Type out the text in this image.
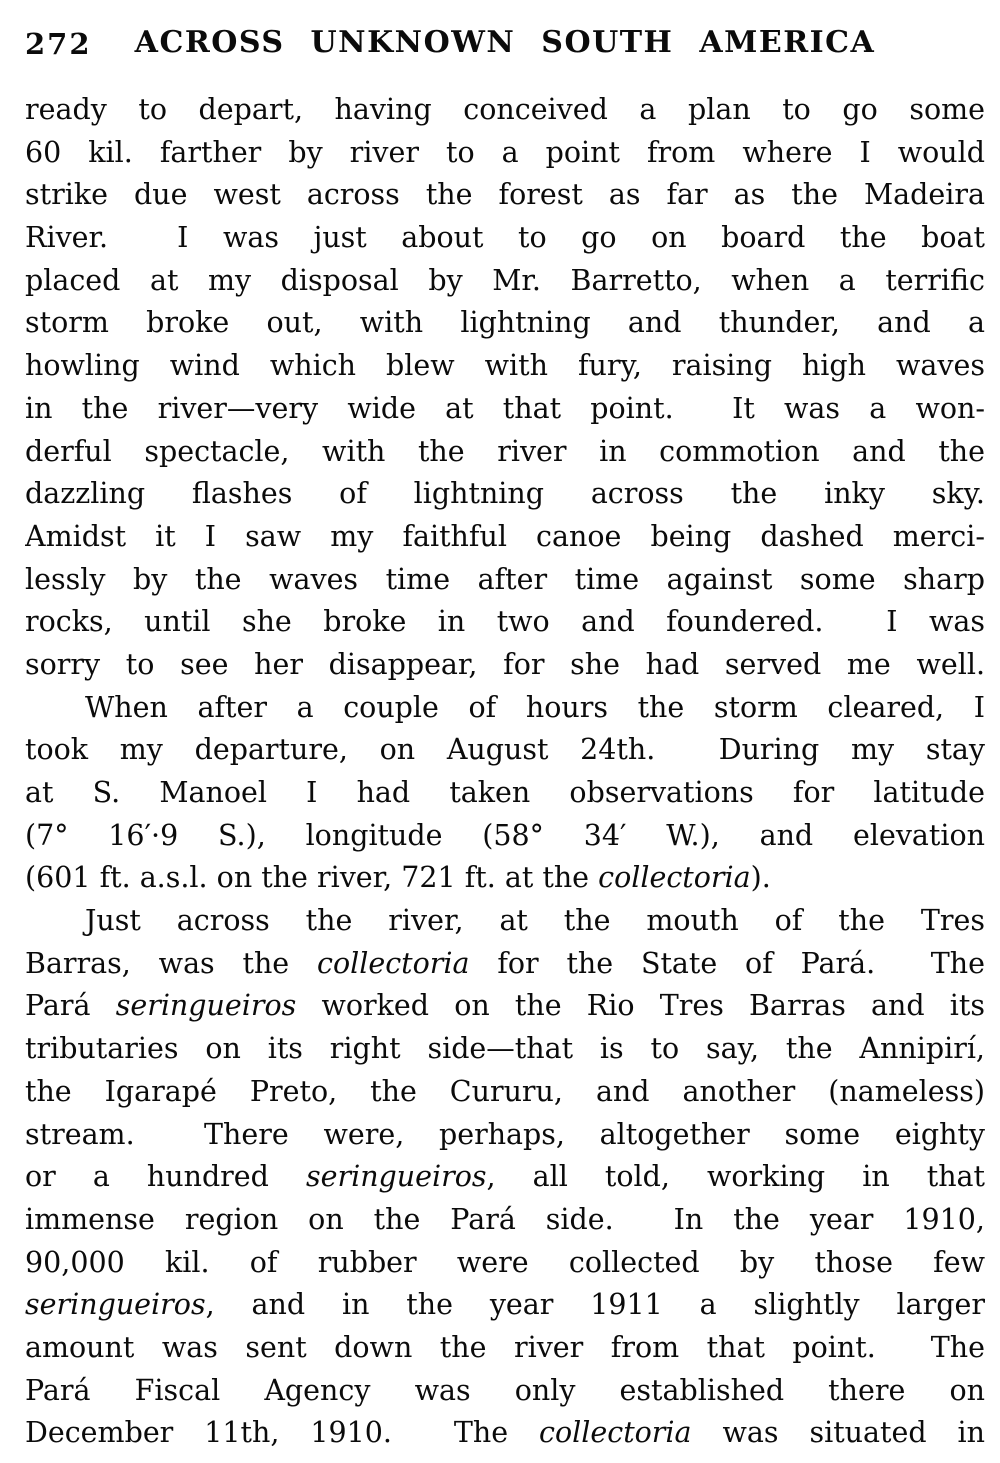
272 ACROSS UNKNOWN SOUTH AMERICA
ready to depart, having conceived a plan to go some
60 kil. farther by river to a point from where I would
strike due west across the forest as far as the Madeira
River.  I was just about to go on board the boat
placed at my disposal by Mr. Barretto, when a terrific
storm broke out, with lightning and thunder, and a
howling wind which blew with fury, raising high waves
in the river—very wide at that point.  It was a won-
derful spectacle, with the river in commotion and the
dazzling flashes of lightning across the inky sky.
Amidst it I saw my faithful canoe being dashed merci-
lessly by the waves time after time against some sharp
rocks, until she broke in two and foundered.  I was
sorry to see her disappear, for she had served me well.
When after a couple of hours the storm cleared, I
took my departure, on August 24th.  During my stay
at S. Manoel I had taken observations for latitude
(7° 16′·9 S.), longitude (58° 34′ W.), and elevation
(601 ft. a.s.l. on the river, 721 ft. at the collectoria).
Just across the river, at the mouth of the Tres
Barras, was the collectoria for the State of Pará.  The
Pará seringueiros worked on the Rio Tres Barras and its
tributaries on its right side—that is to say, the Annipirí,
the Igarapé Preto, the Cururu, and another (nameless)
stream.  There were, perhaps, altogether some eighty
or a hundred seringueiros, all told, working in that
immense region on the Pará side.  In the year 1910,
90,000 kil. of rubber were collected by those few
seringueiros, and in the year 1911 a slightly larger
amount was sent down the river from that point.  The
Pará Fiscal Agency was only established there on
December 11th, 1910.  The collectoria was situated in
